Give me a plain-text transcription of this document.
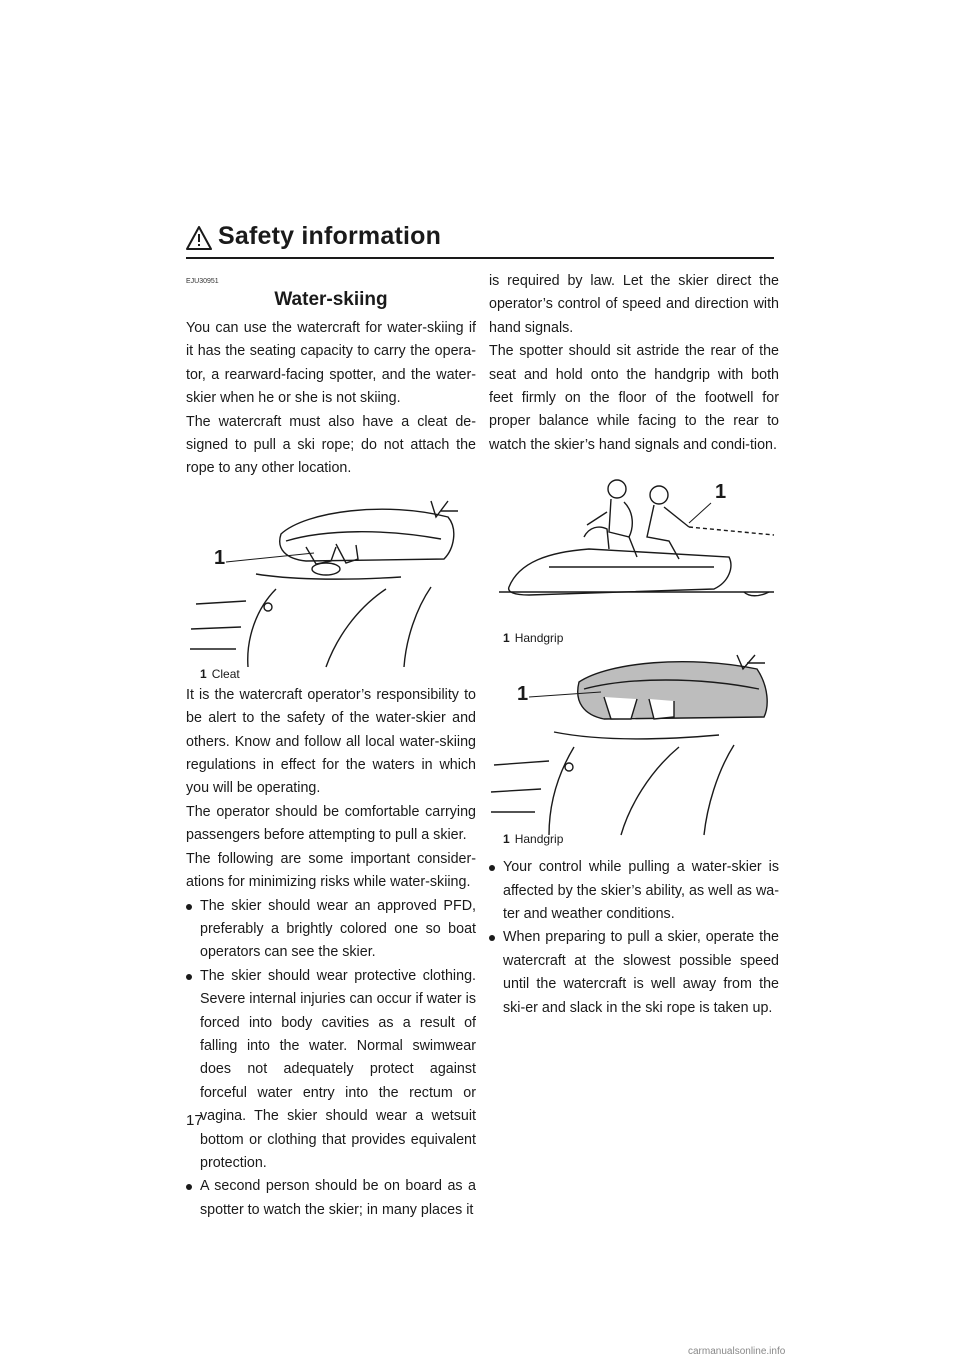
Safety information
EJU30951
Water-skiing

You can use the watercraft for water-skiing if it has the seating capacity to carry the opera-tor, a rearward-facing spotter, and the water-skier when he or she is not skiing.

The watercraft must also have a cleat de-signed to pull a ski rope; do not attach the rope to any other location.

1

1 Cleat

It is the watercraft operator’s responsibility to be alert to the safety of the water-skier and others. Know and follow all local water-skiing regulations in effect for the waters in which you will be operating.

The operator should be comfortable carrying passengers before attempting to pull a skier.

The following are some important consider-ations for minimizing risks while water-skiing.

The skier should wear an approved PFD, preferably a brightly colored one so boat operators can see the skier.
The skier should wear protective clothing. Severe internal injuries can occur if water is forced into body cavities as a result of falling into the water. Normal swimwear does not adequately protect against forceful water entry into the rectum or vagina. The skier should wear a wetsuit bottom or clothing that provides equivalent protection.
A second person should be on board as a spotter to watch the skier; in many places it

is required by law. Let the skier direct the operator’s control of speed and direction with hand signals.

The spotter should sit astride the rear of the seat and hold onto the handgrip with both feet firmly on the floor of the footwell for proper balance while facing to the rear to watch the skier’s hand signals and condi-tion.

1

1 Handgrip

1

1 Handgrip

Your control while pulling a water-skier is affected by the skier’s ability, as well as wa-ter and weather conditions.
When preparing to pull a skier, operate the watercraft at the slowest possible speed until the watercraft is well away from the ski-er and slack in the ski rope is taken up.
17
carmanualsonline.info
